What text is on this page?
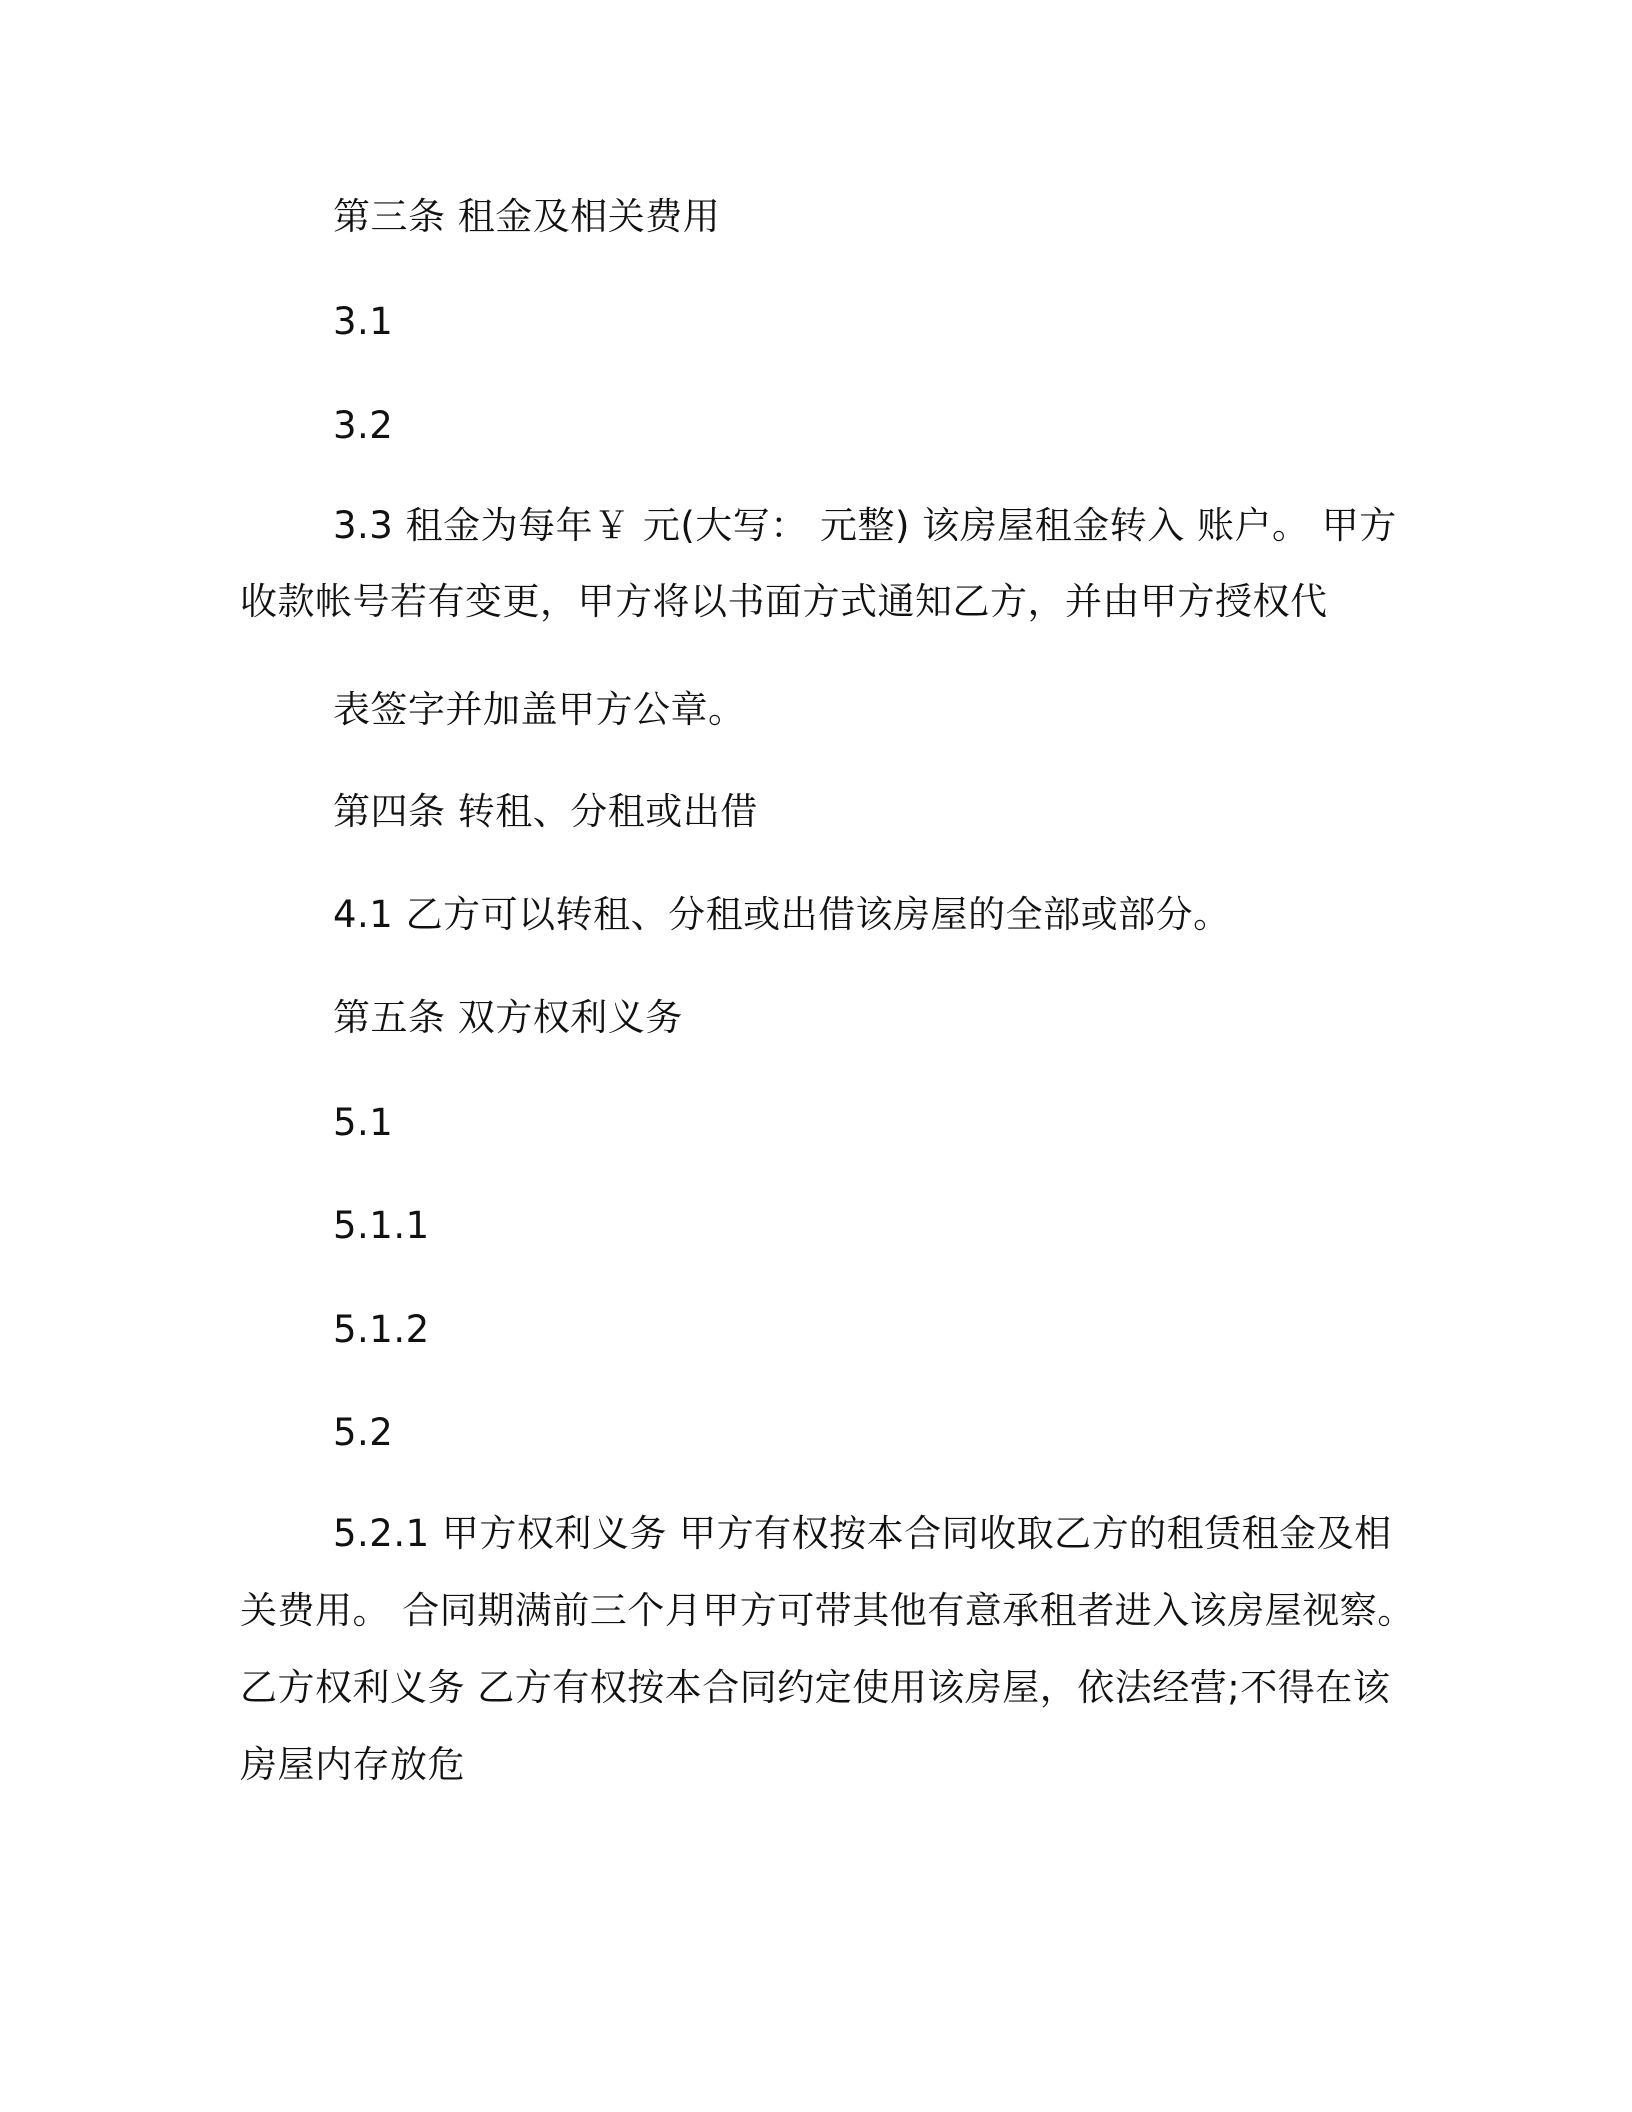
第三条 租金及相关费用
3.1
3.2
3.3 租金为每年￥ 元(大写： 元整) 该房屋租金转入 账户。 甲方
收款帐号若有变更，甲方将以书面方式通知乙方，并由甲方授权代
表签字并加盖甲方公章。
第四条 转租、分租或出借
4.1 乙方可以转租、分租或出借该房屋的全部或部分。
第五条 双方权利义务
5.1
5.1.1
5.1.2
5.2
5.2.1 甲方权利义务 甲方有权按本合同收取乙方的租赁租金及相
关费用。 合同期满前三个月甲方可带其他有意承租者进入该房屋视察。
乙方权利义务 乙方有权按本合同约定使用该房屋，依法经营;不得在该
房屋内存放危
